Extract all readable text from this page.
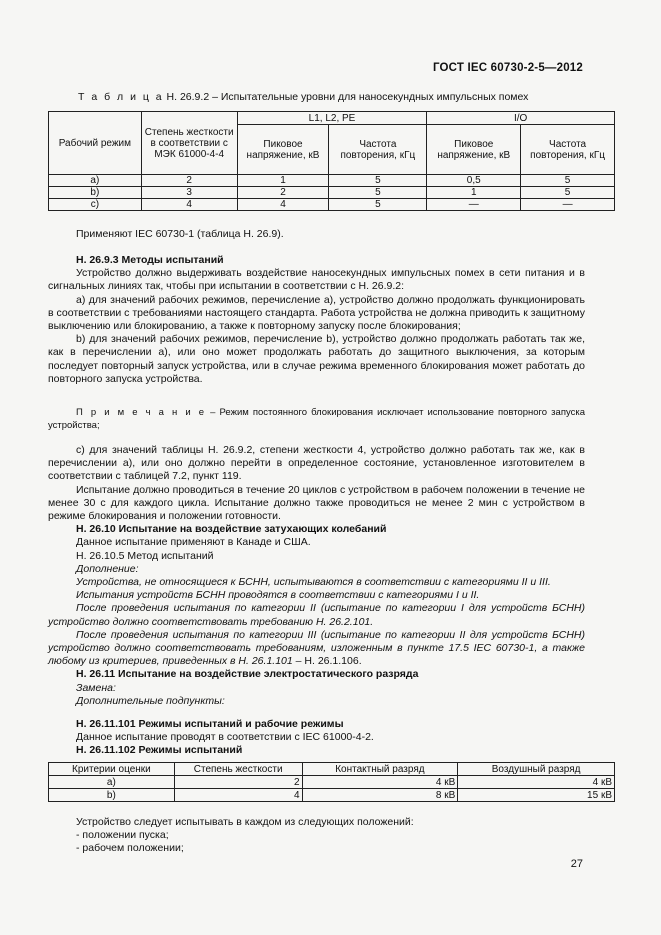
ГОСТ IEC 60730-2-5—2012
Т а б л и ц а Н. 26.9.2 – Испытательные уровни для наносекундных импульсных помех
Рабочий режим	Степень жесткости в соответствии с МЭК 61000-4-4	L1, L2, PE		I/O	
		Пиковое напряжение, кВ	Частота повторения, кГц	Пиковое напряжение, кВ	Частота повторения, кГц
a)	2	1	5	0,5	5
b)	3	2	5	1	5
c)	4	4	5	—	—

Применяют IEC 60730-1 (таблица Н. 26.9).

Н. 26.9.3 Методы испытаний

Устройство должно выдерживать воздействие наносекундных импульсных помех в сети питания и в сигнальных линиях так, чтобы при испытании в соответствии с Н. 26.9.2:

a) для значений рабочих режимов, перечисление а), устройство должно продолжать функционировать в соответствии с требованиями настоящего стандарта. Работа устройства не должна приводить к защитному выключению или блокированию, а также к повторному запуску после блокирования;

b) для значений рабочих режимов, перечисление b), устройство должно продолжать работать так же, как в перечислении а), или оно может продолжать работать до защитного выключения, за которым последует повторный запуск устройства, или в случае режима временного блокирования может работать до повторного запуска устройства.

П р и м е ч а н и е – Режим постоянного блокирования исключает использование повторного запуска устройства;

c) для значений таблицы Н. 26.9.2, степени жесткости 4, устройство должно работать так же, как в перечислении а), или оно должно перейти в определенное состояние, установленное изготовителем в соответствии с таблицей 7.2, пункт 119.

Испытание должно проводиться в течение 20 циклов с устройством в рабочем положении в течение не менее 30 с для каждого цикла. Испытание должно также проводиться не менее 2 мин с устройством в режиме блокирования и положении готовности.

Н. 26.10 Испытание на воздействие затухающих колебаний

Данное испытание применяют в Канаде и США.

Н. 26.10.5 Метод испытаний

Дополнение:

Устройства, не относящиеся к БСНН, испытываются в соответствии с категориями II и III.

Испытания устройств БСНН проводятся в соответствии с категориями I и II.

После проведения испытания по категории II (испытание по категории I для устройств БСНН) устройство должно соответствовать требованию Н. 26.2.101.

После проведения испытания по категории III (испытание по категории II для устройств БСНН) устройство должно соответствовать требованиям, изложенным в пункте 17.5 IEC 60730-1, а также любому из критериев, приведенных в Н. 26.1.101 – Н. 26.1.106.

Н. 26.11 Испытание на воздействие электростатического разряда

Замена:

Дополнительные подпункты:

Н. 26.11.101 Режимы испытаний и рабочие режимы

Данное испытание проводят в соответствии с IEC 61000-4-2.

Н. 26.11.102 Режимы испытаний

Критерии оценки	Степень жесткости	Контактный разряд	Воздушный разряд
a)	2	4 кВ	4 кВ
b)	4	8 кВ	15 кВ

Устройство следует испытывать в каждом из следующих положений:

- положении пуска;

- рабочем положении;

27
